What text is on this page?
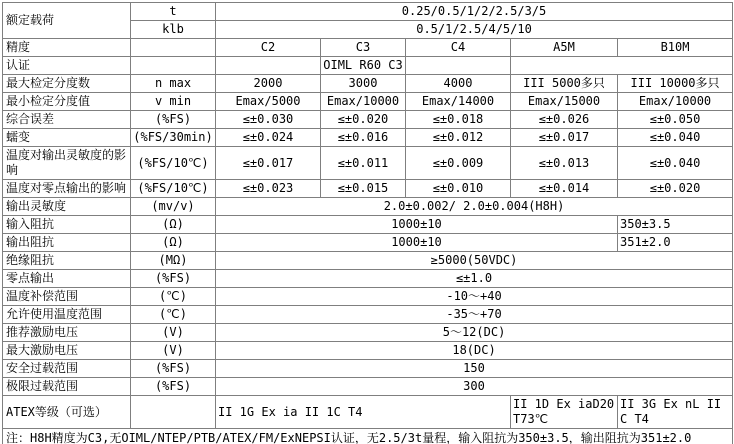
额定载荷	t	0.25/0.5/1/2/2.5/3/5				
	klb	0.5/1/2.5/4/5/10				
精度		C2	C3	C4	A5M	B10M
认证			OIML R60 C3			
最大检定分度数	n max	2000	3000	4000	III 5000多只	III 10000多只
最小检定分度值	v min	Emax/5000	Emax/10000	Emax/14000	Emax/15000	Emax/10000
综合误差	(%FS)	≤±0.030	≤±0.020	≤±0.018	≤±0.026	≤±0.050
蠕变	(%FS/30min)	≤±0.024	≤±0.016	≤±0.012	≤±0.017	≤±0.040
温度对输出灵敏度的影响	(%FS/10℃)	≤±0.017	≤±0.011	≤±0.009	≤±0.013	≤±0.040
温度对零点输出的影响	(%FS/10℃)	≤±0.023	≤±0.015	≤±0.010	≤±0.014	≤±0.020
输出灵敏度	(mv/v)	2.0±0.002/ 2.0±0.004(H8H)				
输入阻抗	(Ω)	1000±10				350±3.5
输出阻抗	(Ω)	1000±10				351±2.0
绝缘阻抗	(MΩ)	≥5000(50VDC)				
零点输出	(%FS)	≤±1.0				
温度补偿范围	(℃)	-10～+40				
允许使用温度范围	(℃)	-35～+70				
推荐激励电压	(V)	5～12(DC)				
最大激励电压	(V)	18(DC)				
安全过载范围	(%FS)	150				
极限过载范围	(%FS)	300				
ATEX等级（可选）		II 1G Ex ia II 1C T4			II 1D Ex iaD20 T73℃	II 3G Ex nL II C T4
注：H8H精度为C3,无OIML/NTEP/PTB/ATEX/FM/ExNEPSI认证，无2.5/3t量程，输入阻抗为350±3.5，输出阻抗为351±2.0						
